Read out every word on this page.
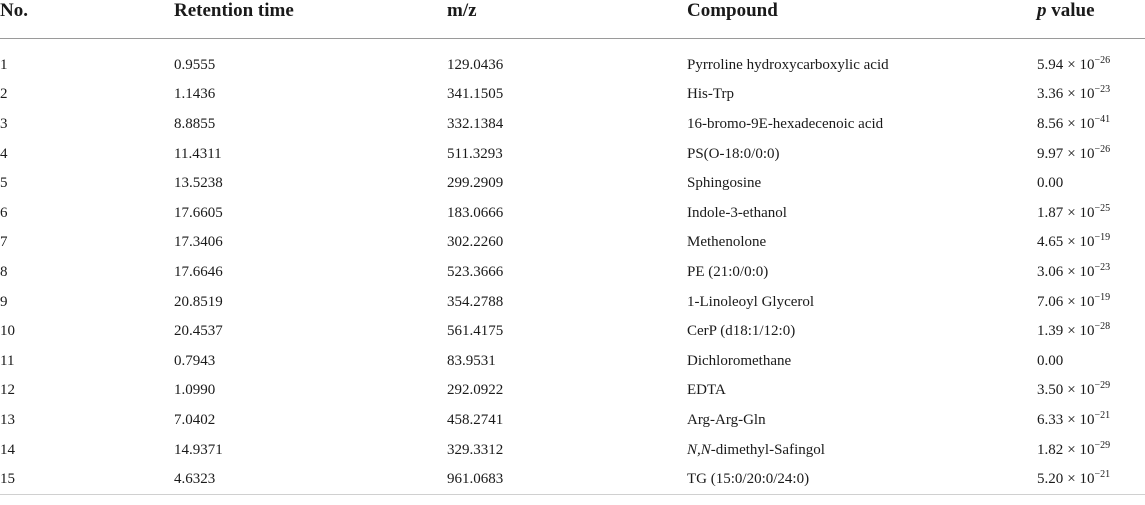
No.	Retention time	m/z	Compound	p value
1	0.9555	129.0436	Pyrroline hydroxycarboxylic acid	$5.94 \times 10^{-26}$
2	1.1436	341.1505	His-Trp	$3.36 \times 10^{-23}$
3	8.8855	332.1384	16-bromo-9E-hexadecenoic acid	$8.56 \times 10^{-41}$
4	11.4311	511.3293	PS(O-18:0/0:0)	$9.97 \times 10^{-26}$
5	13.5238	299.2909	Sphingosine	0.00
6	17.6605	183.0666	Indole-3-ethanol	$1.87 \times 10^{-25}$
7	17.3406	302.2260	Methenolone	$4.65 \times 10^{-19}$
8	17.6646	523.3666	PE (21:0/0:0)	$3.06 \times 10^{-23}$
9	20.8519	354.2788	1-Linoleoyl Glycerol	$7.06 \times 10^{-19}$
10	20.4537	561.4175	CerP (d18:1/12:0)	$1.39 \times 10^{-28}$
11	0.7943	83.9531	Dichloromethane	0.00
12	1.0990	292.0922	EDTA	$3.50 \times 10^{-29}$
13	7.0402	458.2741	Arg-Arg-Gln	$6.33 \times 10^{-21}$
14	14.9371	329.3312	N,N-dimethyl-Safingol	$1.82 \times 10^{-29}$
15	4.6323	961.0683	TG (15:0/20:0/24:0)	$5.20 \times 10^{-21}$
